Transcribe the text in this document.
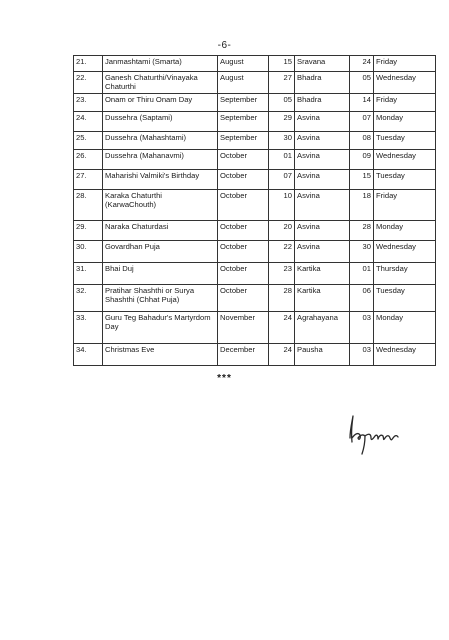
-6-
21.	Janmashtami (Smarta)	August	15	Sravana	24	Friday
22.	Ganesh Chaturthi/Vinayaka Chaturthi	August	27	Bhadra	05	Wednesday
23.	Onam or Thiru Onam Day	September	05	Bhadra	14	Friday
24.	Dussehra (Saptami)	September	29	Asvina	07	Monday
25.	Dussehra (Mahashtami)	September	30	Asvina	08	Tuesday
26.	Dussehra (Mahanavmi)	October	01	Asvina	09	Wednesday
27.	Maharishi Valmiki's Birthday	October	07	Asvina	15	Tuesday
28.	Karaka Chaturthi (KarwaChouth)	October	10	Asvina	18	Friday
29.	Naraka Chaturdasi	October	20	Asvina	28	Monday
30.	Govardhan Puja	October	22	Asvina	30	Wednesday
31.	Bhai Duj	October	23	Kartika	01	Thursday
32.	Pratihar Shashthi or Surya Shashthi (Chhat Puja)	October	28	Kartika	06	Tuesday
33.	Guru Teg Bahadur's Martyrdom Day	November	24	Agrahayana	03	Monday
34.	Christmas Eve	December	24	Pausha	03	Wednesday
***
